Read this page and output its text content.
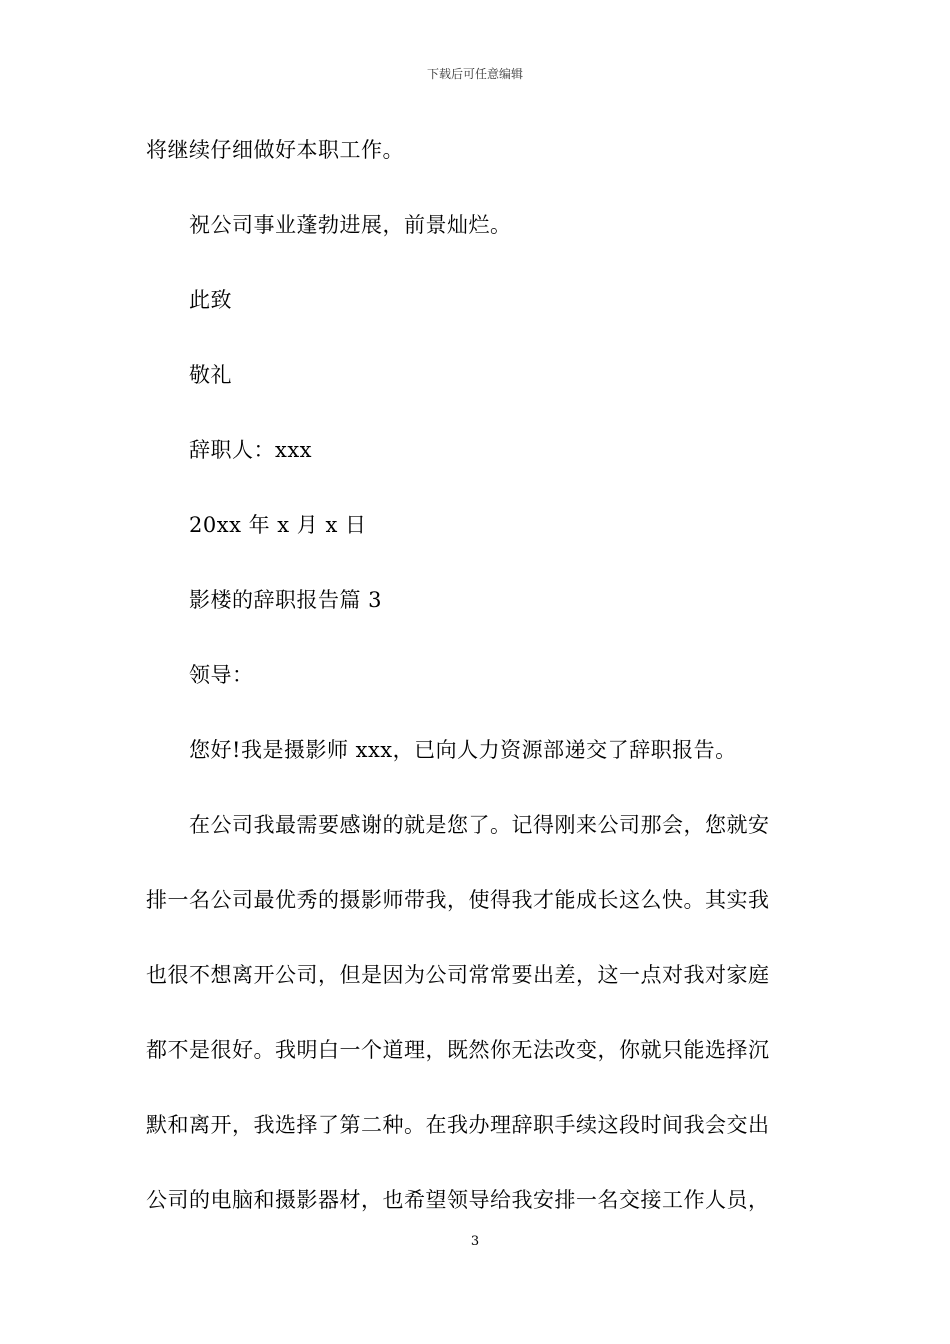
下载后可任意编辑
将继续仔细做好本职工作。
祝公司事业蓬勃进展，前景灿烂。
此致
敬礼
辞职人：xxx
20xx 年 x 月 x 日
影楼的辞职报告篇 3
领导：
您好!我是摄影师 xxx，已向人力资源部递交了辞职报告。
在公司我最需要感谢的就是您了。记得刚来公司那会，您就安
排一名公司最优秀的摄影师带我，使得我才能成长这么快。其实我
也很不想离开公司，但是因为公司常常要出差，这一点对我对家庭
都不是很好。我明白一个道理，既然你无法改变，你就只能选择沉
默和离开，我选择了第二种。在我办理辞职手续这段时间我会交出
公司的电脑和摄影器材，也希望领导给我安排一名交接工作人员，
3
